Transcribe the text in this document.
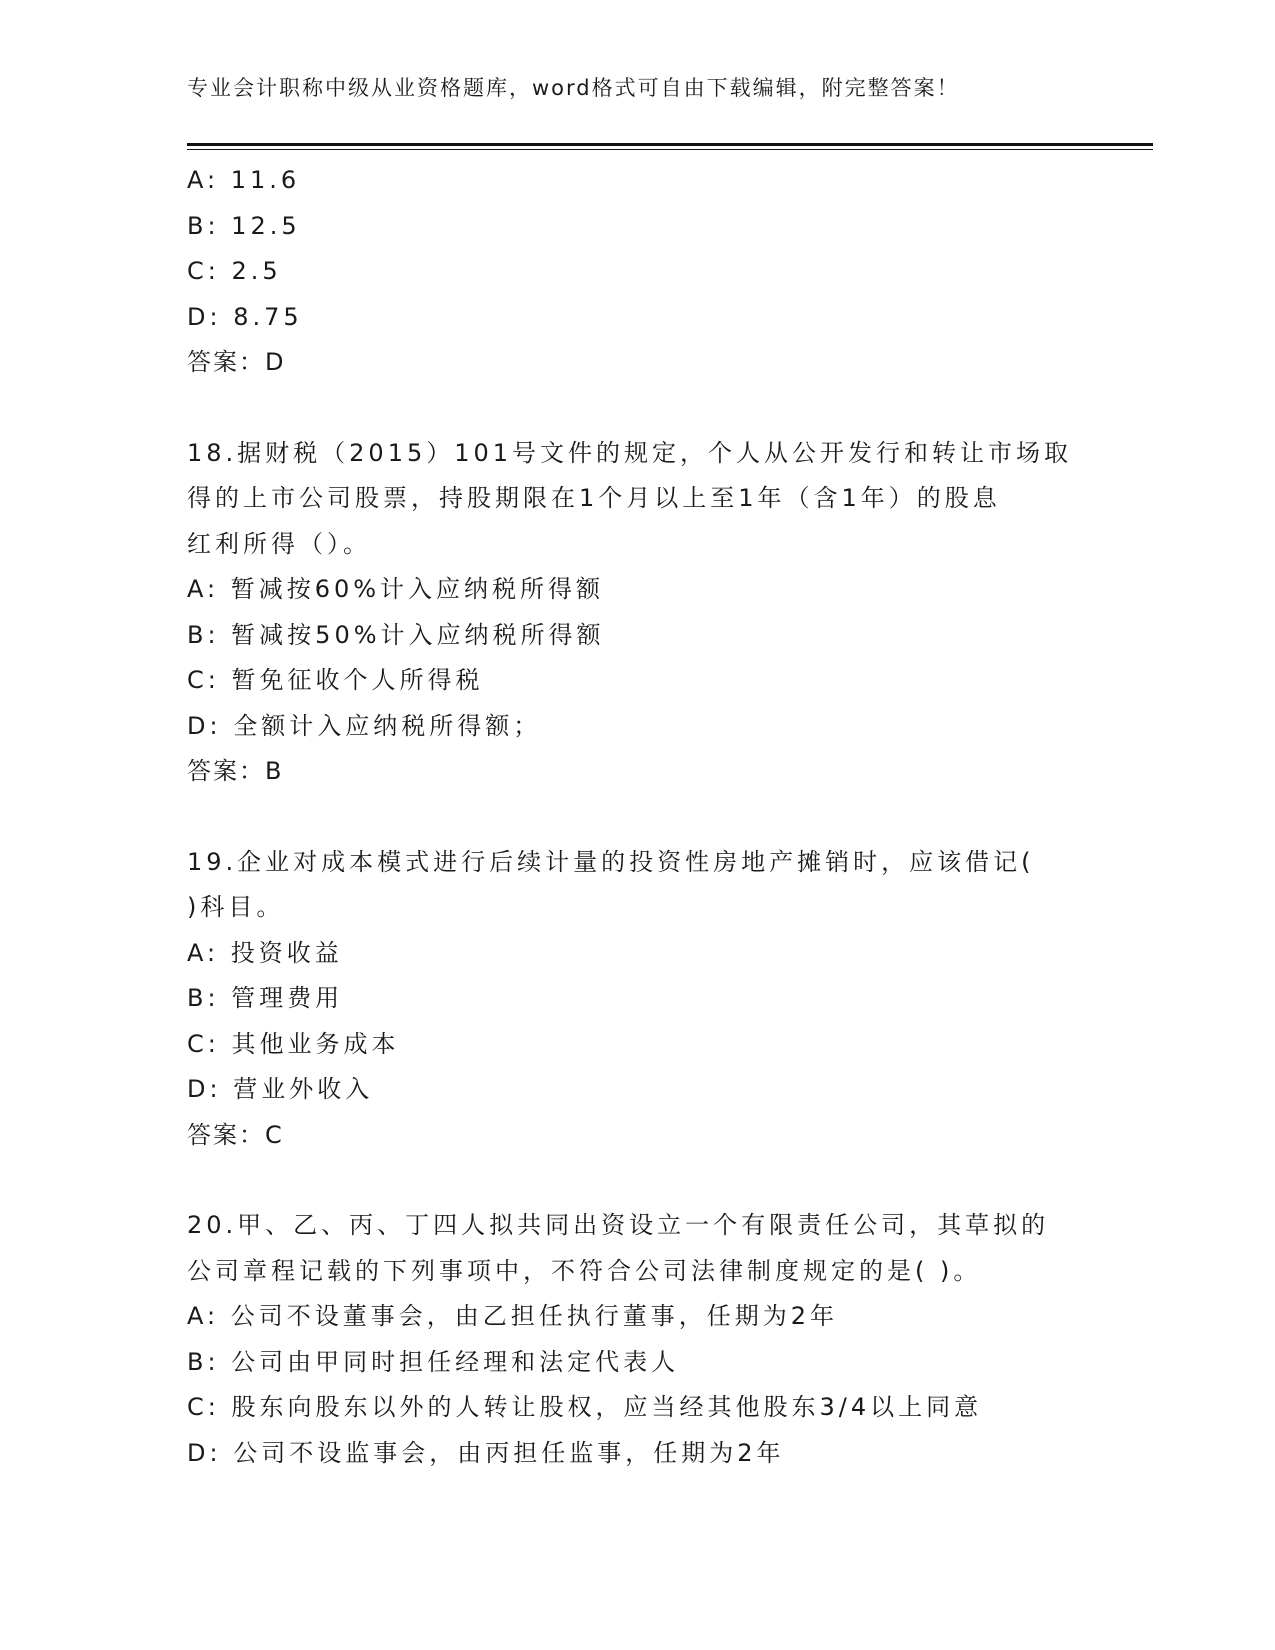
专业会计职称中级从业资格题库，word格式可自由下载编辑，附完整答案！
A: 11.6
B: 12.5
C: 2.5
D: 8.75
答案：D
18.据财税（2015）101号文件的规定，个人从公开发行和转让市场取
得的上市公司股票，持股期限在1个月以上至1年（含1年）的股息
红利所得（）。
A: 暂减按60%计入应纳税所得额
B: 暂减按50%计入应纳税所得额
C: 暂免征收个人所得税
D: 全额计入应纳税所得额；
答案：B
19.企业对成本模式进行后续计量的投资性房地产摊销时，应该借记(
)科目。
A: 投资收益
B: 管理费用
C: 其他业务成本
D: 营业外收入
答案：C
20.甲、乙、丙、丁四人拟共同出资设立一个有限责任公司，其草拟的
公司章程记载的下列事项中，不符合公司法律制度规定的是( )。
A: 公司不设董事会，由乙担任执行董事，任期为2年
B: 公司由甲同时担任经理和法定代表人
C: 股东向股东以外的人转让股权，应当经其他股东3/4以上同意
D: 公司不设监事会，由丙担任监事，任期为2年
